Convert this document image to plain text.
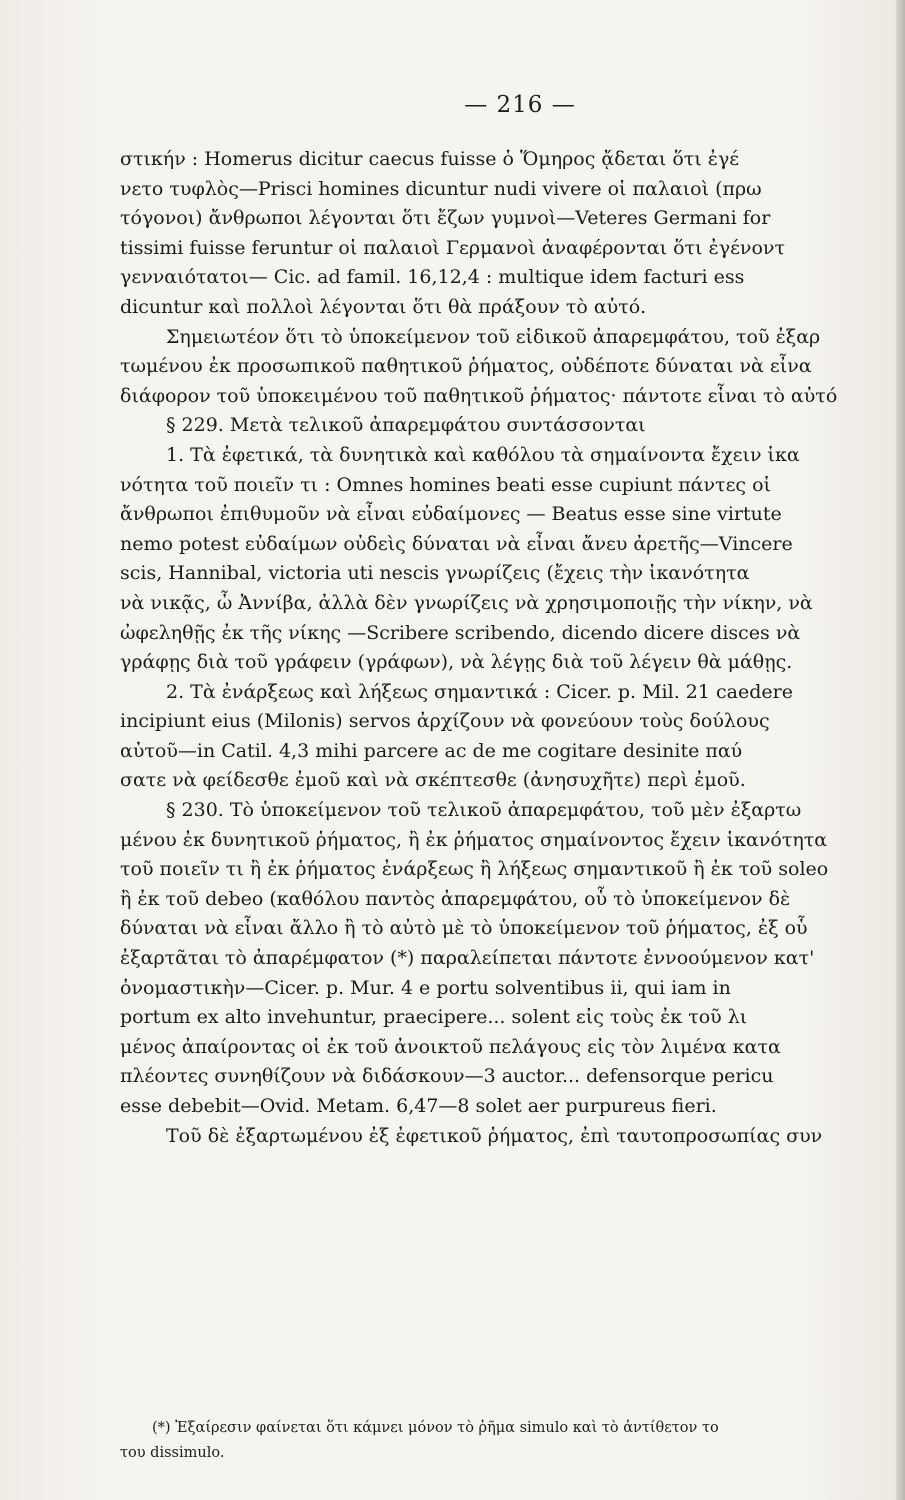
— 216 —
στικήν : Homerus dicitur caecus fuisse ὁ Ὅμηρος ᾄδεται ὅτι ἐγέ
νετο τυφλὸς—Prisci homines dicuntur nudi vivere οἱ παλαιοὶ (πρω
τόγονοι) ἄνθρωποι λέγονται ὅτι ἔζων γυμνοὶ—Veteres Germani for
tissimi fuisse feruntur οἱ παλαιοὶ Γερμανοὶ ἀναφέρονται ὅτι ἐγένοντ
γενναιότατοι— Cic. ad famil. 16,12,4 : multique idem facturi ess
dicuntur καὶ πολλοὶ λέγονται ὅτι θὰ πράξουν τὸ αὐτό.
Σημειωτέον ὅτι τὸ ὑποκείμενον τοῦ εἰδικοῦ ἀπαρεμφάτου, τοῦ ἐξαρ
τωμένου ἐκ προσωπικοῦ παθητικοῦ ῥήματος, οὐδέποτε δύναται νὰ εἶνα
διάφορον τοῦ ὑποκειμένου τοῦ παθητικοῦ ῥήματος· πάντοτε εἶναι τὸ αὐτό
§ 229. Μετὰ τελικοῦ ἀπαρεμφάτου συντάσσονται
1. Τὰ ἐφετικά, τὰ δυνητικὰ καὶ καθόλου τὰ σημαίνοντα ἔχειν ἱκα
νότητα τοῦ ποιεῖν τι : Omnes homines beati esse cupiunt πάντες οἱ
ἄνθρωποι ἐπιθυμοῦν νὰ εἶναι εὐδαίμονες — Beatus esse sine virtute
nemo potest εὐδαίμων οὐδεὶς δύναται νὰ εἶναι ἄνευ ἀρετῆς—Vincere
scis, Hannibal, victoria uti nescis γνωρίζεις (ἔχεις τὴν ἱκανότητα
νὰ νικᾷς, ὦ Ἀννίβα, ἀλλὰ δὲν γνωρίζεις νὰ χρησιμοποιῇς τὴν νίκην, νὰ
ὠφεληθῇς ἐκ τῆς νίκης —Scribere scribendo, dicendo dicere disces νὰ
γράφῃς διὰ τοῦ γράφειν (γράφων), νὰ λέγῃς διὰ τοῦ λέγειν θὰ μάθῃς.
2. Τὰ ἐνάρξεως καὶ λήξεως σημαντικά : Cicer. p. Mil. 21 caedere
incipiunt eius (Milonis) servos ἀρχίζουν νὰ φονεύουν τοὺς δούλους
αὐτοῦ—in Catil. 4,3 mihi parcere ac de me cogitare desinite παύ
σατε νὰ φείδεσθε ἐμοῦ καὶ νὰ σκέπτεσθε (ἀνησυχῆτε) περὶ ἐμοῦ.
§ 230. Τὸ ὑποκείμενον τοῦ τελικοῦ ἀπαρεμφάτου, τοῦ μὲν ἐξαρτω
μένου ἐκ δυνητικοῦ ῥήματος, ἢ ἐκ ῥήματος σημαίνοντος ἔχειν ἱκανότητα
τοῦ ποιεῖν τι ἢ ἐκ ῥήματος ἐνάρξεως ἢ λήξεως σημαντικοῦ ἢ ἐκ τοῦ soleo
ἢ ἐκ τοῦ debeo (καθόλου παντὸς ἀπαρεμφάτου, οὗ τὸ ὑποκείμενον δὲ
δύναται νὰ εἶναι ἄλλο ἢ τὸ αὐτὸ μὲ τὸ ὑποκείμενον τοῦ ῥήματος, ἐξ οὗ
ἐξαρτᾶται τὸ ἀπαρέμφατον (*) παραλείπεται πάντοτε ἐννοούμενον κατ'
ὀνομαστικὴν—Cicer. p. Mur. 4 e portu solventibus ii, qui iam in
portum ex alto invehuntur, praecipere... solent εἰς τοὺς ἐκ τοῦ λι
μένος ἀπαίροντας οἱ ἐκ τοῦ ἀνοικτοῦ πελάγους εἰς τὸν λιμένα κατα
πλέοντες συνηθίζουν νὰ διδάσκουν—3 auctor... defensorque pericu
esse debebit—Ovid. Metam. 6,47—8 solet aer purpureus fieri.
Τοῦ δὲ ἐξαρτωμένου ἐξ ἐφετικοῦ ῥήματος, ἐπὶ ταυτοπροσωπίας συν
(*) Ἐξαίρεσιν φαίνεται ὅτι κάμνει μόνον τὸ ῥῆμα simulo καὶ τὸ ἀντίθετον το
του dissimulo.
